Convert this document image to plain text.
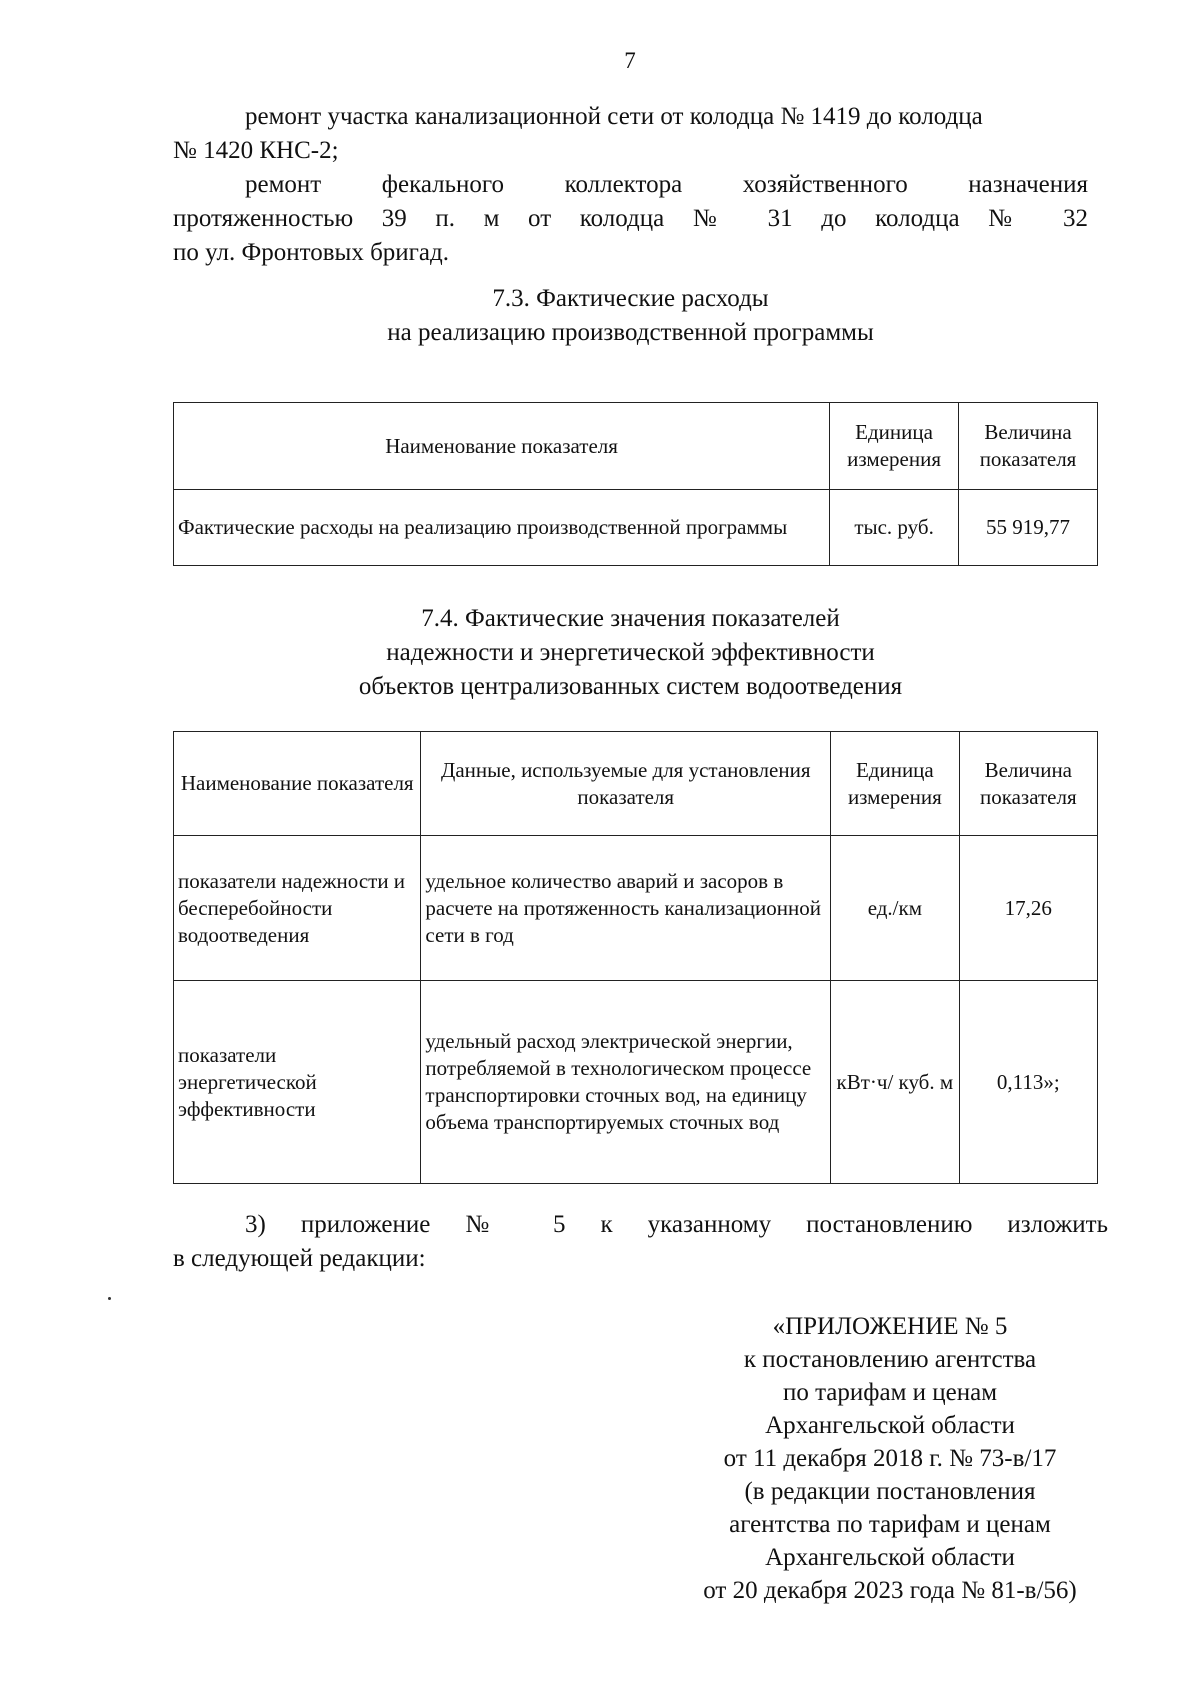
7

ремонт участка канализационной сети от колодца № 1419 до колодца
№ 1420 КНС-2;

ремонт фекального коллектора хозяйственного назначения
протяженностью 39 п. м от колодца № 31 до колодца № 32
по ул. Фронтовых бригад.
7.3. Фактические расходы
на реализацию производственной программы
Наименование показателя	Единица измерения	Величина показателя
Фактические расходы на реализацию производственной программы	тыс. руб.	55 919,77
7.4. Фактические значения показателей
надежности и энергетической эффективности
объектов централизованных систем водоотведения
Наименование показателя	Данные, используемые для установления показателя	Единица измерения	Величина показателя
показатели надежности и бесперебойности водоотведения	удельное количество аварий и засоров в расчете на протяженность канализационной сети в год	ед./км	17,26
показатели энергетической эффективности	удельный расход электрической энергии, потребляемой в технологическом процессе транспортировки сточных вод, на единицу объема транспортируемых сточных вод	кВт·ч/ куб. м	0,113»;
3) приложение № 5 к указанному постановлению изложить
в следующей редакции:
«ПРИЛОЖЕНИЕ № 5
к постановлению агентства
по тарифам и ценам
Архангельской области
от 11 декабря 2018 г. № 73-в/17
(в редакции постановления
агентства по тарифам и ценам
Архангельской области
от 20 декабря 2023 года № 81-в/56)
